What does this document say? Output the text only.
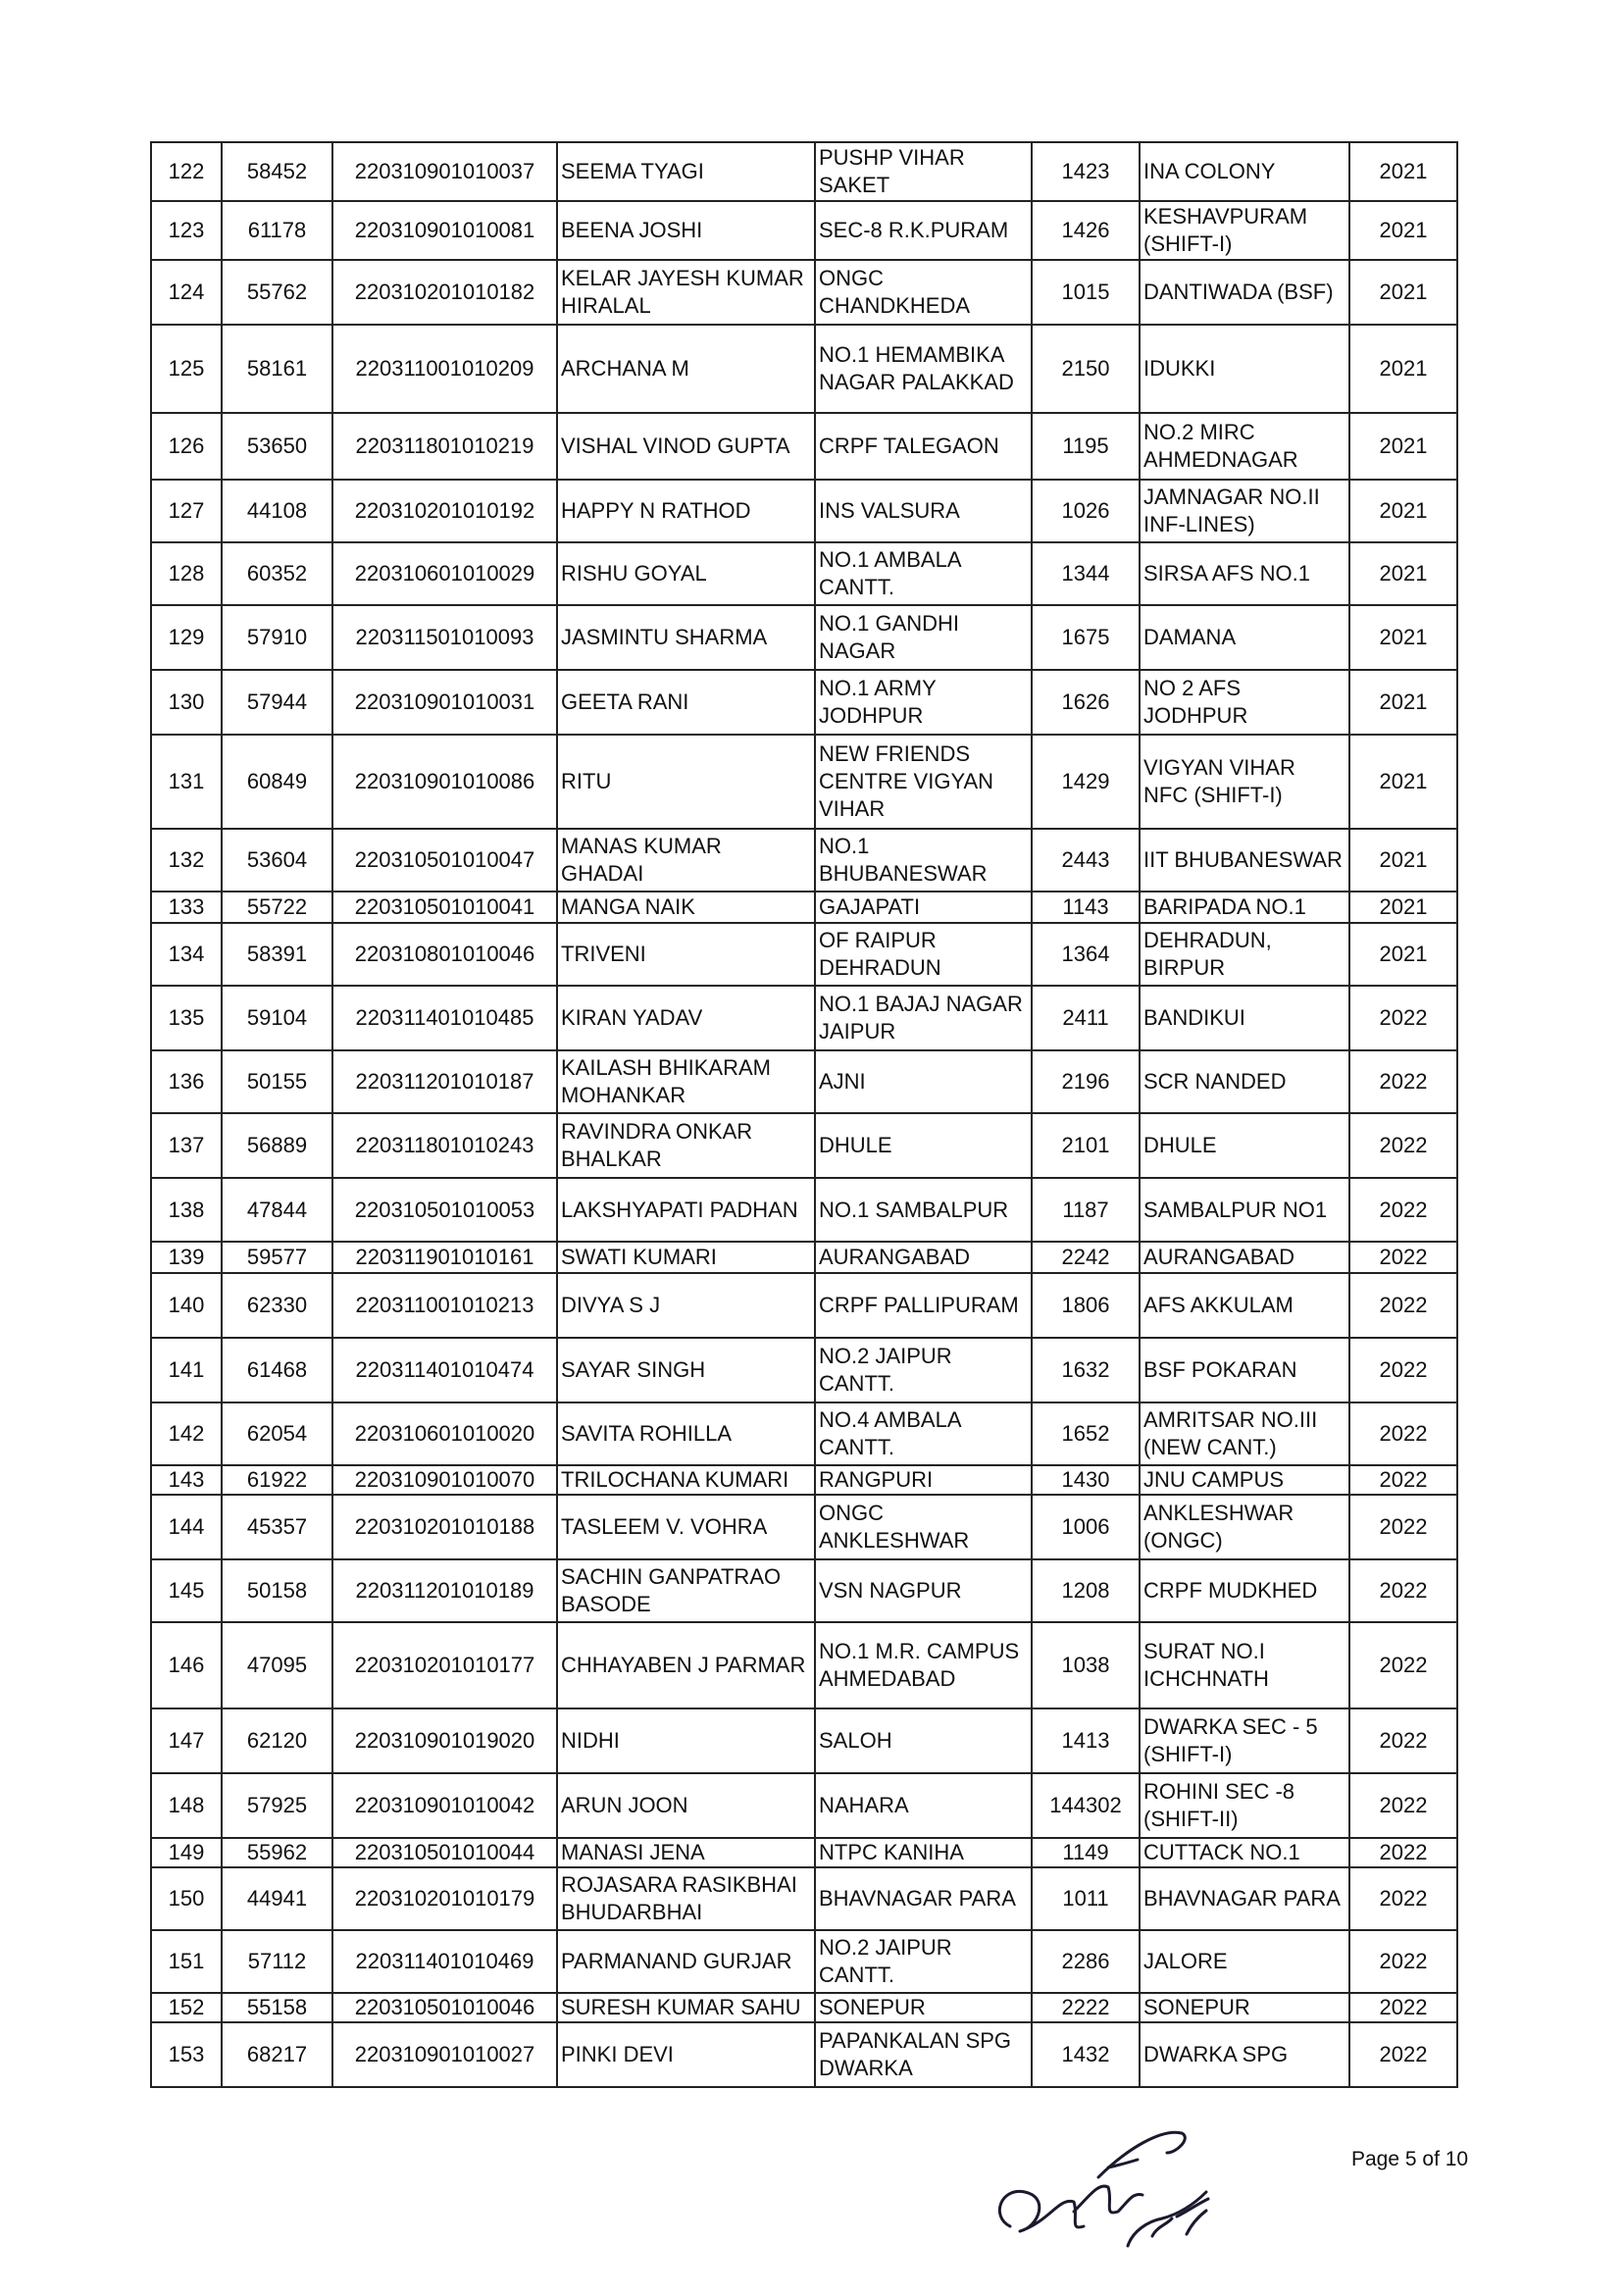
122	58452	220310901010037	SEEMA TYAGI	PUSHP VIHAR SAKET	1423	INA COLONY	2021
123	61178	220310901010081	BEENA JOSHI	SEC-8 R.K.PURAM	1426	KESHAVPURAM (SHIFT-I)	2021
124	55762	220310201010182	KELAR JAYESH KUMAR HIRALAL	ONGC CHANDKHEDA	1015	DANTIWADA (BSF)	2021
125	58161	220311001010209	ARCHANA M	NO.1 HEMAMBIKA NAGAR PALAKKAD	2150	IDUKKI	2021
126	53650	220311801010219	VISHAL VINOD GUPTA	CRPF TALEGAON	1195	NO.2 MIRC AHMEDNAGAR	2021
127	44108	220310201010192	HAPPY N RATHOD	INS VALSURA	1026	JAMNAGAR NO.II INF-LINES)	2021
128	60352	220310601010029	RISHU GOYAL	NO.1 AMBALA CANTT.	1344	SIRSA AFS NO.1	2021
129	57910	220311501010093	JASMINTU SHARMA	NO.1 GANDHI NAGAR	1675	DAMANA	2021
130	57944	220310901010031	GEETA RANI	NO.1 ARMY JODHPUR	1626	NO 2 AFS JODHPUR	2021
131	60849	220310901010086	RITU	NEW FRIENDS CENTRE VIGYAN VIHAR	1429	VIGYAN VIHAR NFC (SHIFT-I)	2021
132	53604	220310501010047	MANAS KUMAR GHADAI	NO.1 BHUBANESWAR	2443	IIT BHUBANESWAR	2021
133	55722	220310501010041	MANGA NAIK	GAJAPATI	1143	BARIPADA NO.1	2021
134	58391	220310801010046	TRIVENI	OF RAIPUR DEHRADUN	1364	DEHRADUN, BIRPUR	2021
135	59104	220311401010485	KIRAN YADAV	NO.1 BAJAJ NAGAR JAIPUR	2411	BANDIKUI	2022
136	50155	220311201010187	KAILASH BHIKARAM MOHANKAR	AJNI	2196	SCR NANDED	2022
137	56889	220311801010243	RAVINDRA ONKAR BHALKAR	DHULE	2101	DHULE	2022
138	47844	220310501010053	LAKSHYAPATI PADHAN	NO.1 SAMBALPUR	1187	SAMBALPUR NO1	2022
139	59577	220311901010161	SWATI KUMARI	AURANGABAD	2242	AURANGABAD	2022
140	62330	220311001010213	DIVYA S J	CRPF PALLIPURAM	1806	AFS AKKULAM	2022
141	61468	220311401010474	SAYAR SINGH	NO.2 JAIPUR CANTT.	1632	BSF POKARAN	2022
142	62054	220310601010020	SAVITA ROHILLA	NO.4 AMBALA CANTT.	1652	AMRITSAR NO.III (NEW CANT.)	2022
143	61922	220310901010070	TRILOCHANA KUMARI	RANGPURI	1430	JNU CAMPUS	2022
144	45357	220310201010188	TASLEEM V. VOHRA	ONGC ANKLESHWAR	1006	ANKLESHWAR (ONGC)	2022
145	50158	220311201010189	SACHIN GANPATRAO BASODE	VSN NAGPUR	1208	CRPF MUDKHED	2022
146	47095	220310201010177	CHHAYABEN J PARMAR	NO.1 M.R. CAMPUS AHMEDABAD	1038	SURAT NO.I ICHCHNATH	2022
147	62120	220310901019020	NIDHI	SALOH	1413	DWARKA SEC - 5 (SHIFT-I)	2022
148	57925	220310901010042	ARUN JOON	NAHARA	144302	ROHINI SEC -8 (SHIFT-II)	2022
149	55962	220310501010044	MANASI JENA	NTPC KANIHA	1149	CUTTACK NO.1	2022
150	44941	220310201010179	ROJASARA RASIKBHAI BHUDARBHAI	BHAVNAGAR PARA	1011	BHAVNAGAR PARA	2022
151	57112	220311401010469	PARMANAND GURJAR	NO.2 JAIPUR CANTT.	2286	JALORE	2022
152	55158	220310501010046	SURESH KUMAR SAHU	SONEPUR	2222	SONEPUR	2022
153	68217	220310901010027	PINKI DEVI	PAPANKALAN SPG DWARKA	1432	DWARKA SPG	2022
Page 5 of 10
